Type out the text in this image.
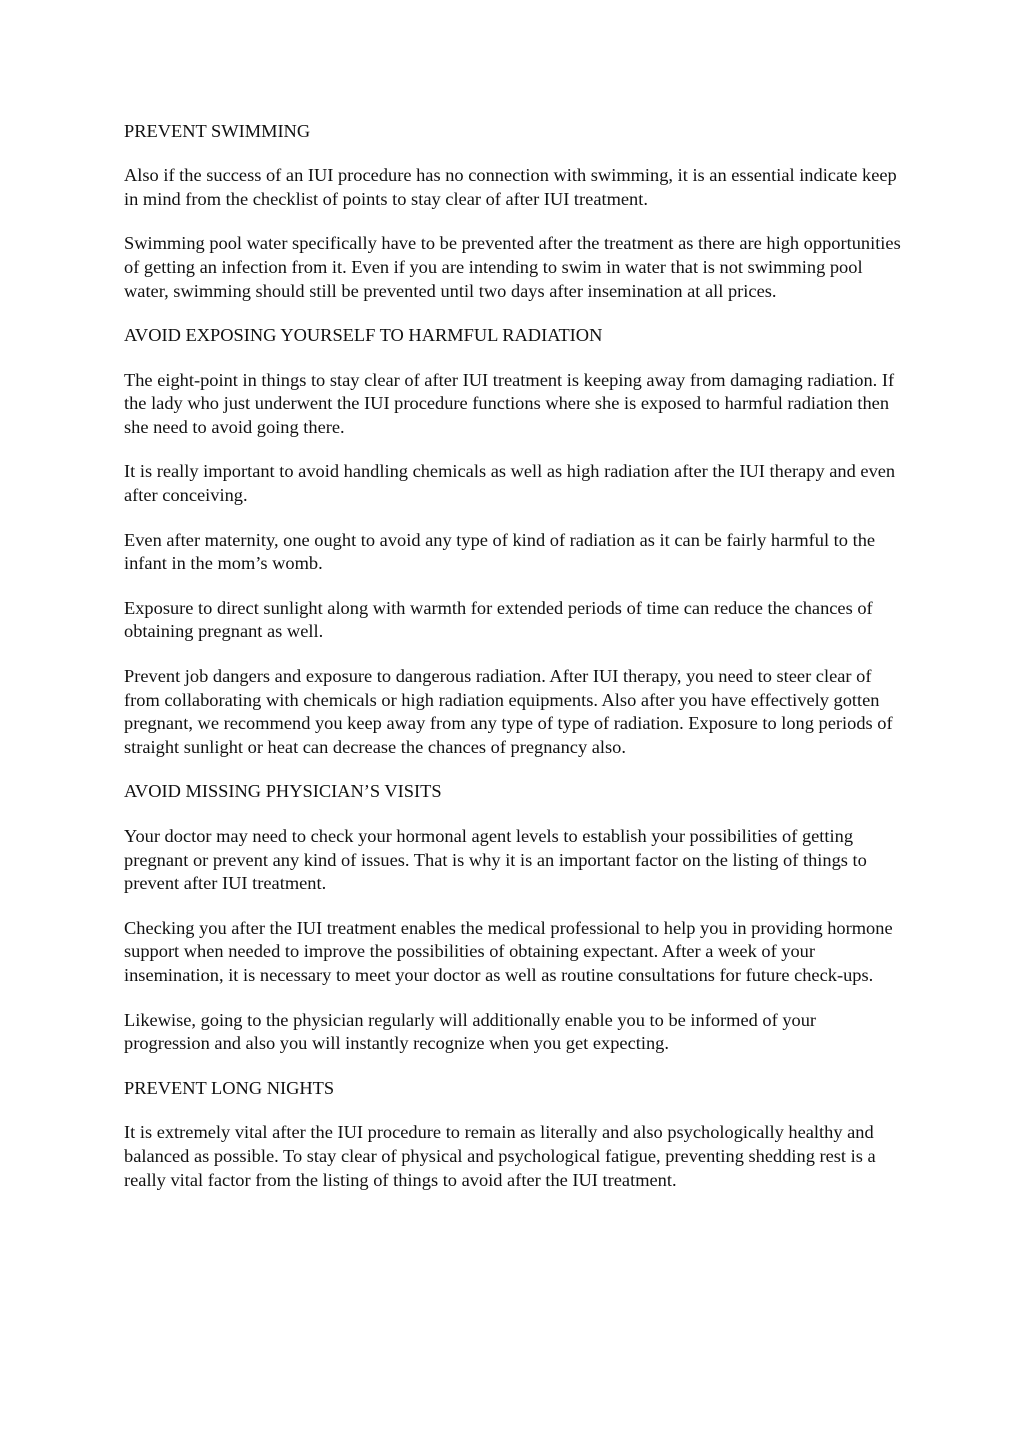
PREVENT SWIMMING

Also if the success of an IUI procedure has no connection with swimming, it is an essential indicate keep in mind from the checklist of points to stay clear of after IUI treatment.

Swimming pool water specifically have to be prevented after the treatment as there are high opportunities of getting an infection from it. Even if you are intending to swim in water that is not swimming pool water, swimming should still be prevented until two days after insemination at all prices.

AVOID EXPOSING YOURSELF TO HARMFUL RADIATION

The eight-point in things to stay clear of after IUI treatment is keeping away from damaging radiation. If the lady who just underwent the IUI procedure functions where she is exposed to harmful radiation then she need to avoid going there.

It is really important to avoid handling chemicals as well as high radiation after the IUI therapy and even after conceiving.

Even after maternity, one ought to avoid any type of kind of radiation as it can be fairly harmful to the infant in the mom’s womb.

Exposure to direct sunlight along with warmth for extended periods of time can reduce the chances of obtaining pregnant as well.

Prevent job dangers and exposure to dangerous radiation. After IUI therapy, you need to steer clear of from collaborating with chemicals or high radiation equipments. Also after you have effectively gotten pregnant, we recommend you keep away from any type of type of radiation. Exposure to long periods of straight sunlight or heat can decrease the chances of pregnancy also.

AVOID MISSING PHYSICIAN’S VISITS

Your doctor may need to check your hormonal agent levels to establish your possibilities of getting pregnant or prevent any kind of issues. That is why it is an important factor on the listing of things to prevent after IUI treatment.

Checking you after the IUI treatment enables the medical professional to help you in providing hormone support when needed to improve the possibilities of obtaining expectant. After a week of your insemination, it is necessary to meet your doctor as well as routine consultations for future check-ups.

Likewise, going to the physician regularly will additionally enable you to be informed of your progression and also you will instantly recognize when you get expecting.

PREVENT LONG NIGHTS

It is extremely vital after the IUI procedure to remain as literally and also psychologically healthy and balanced as possible. To stay clear of physical and psychological fatigue, preventing shedding rest is a really vital factor from the listing of things to avoid after the IUI treatment.
